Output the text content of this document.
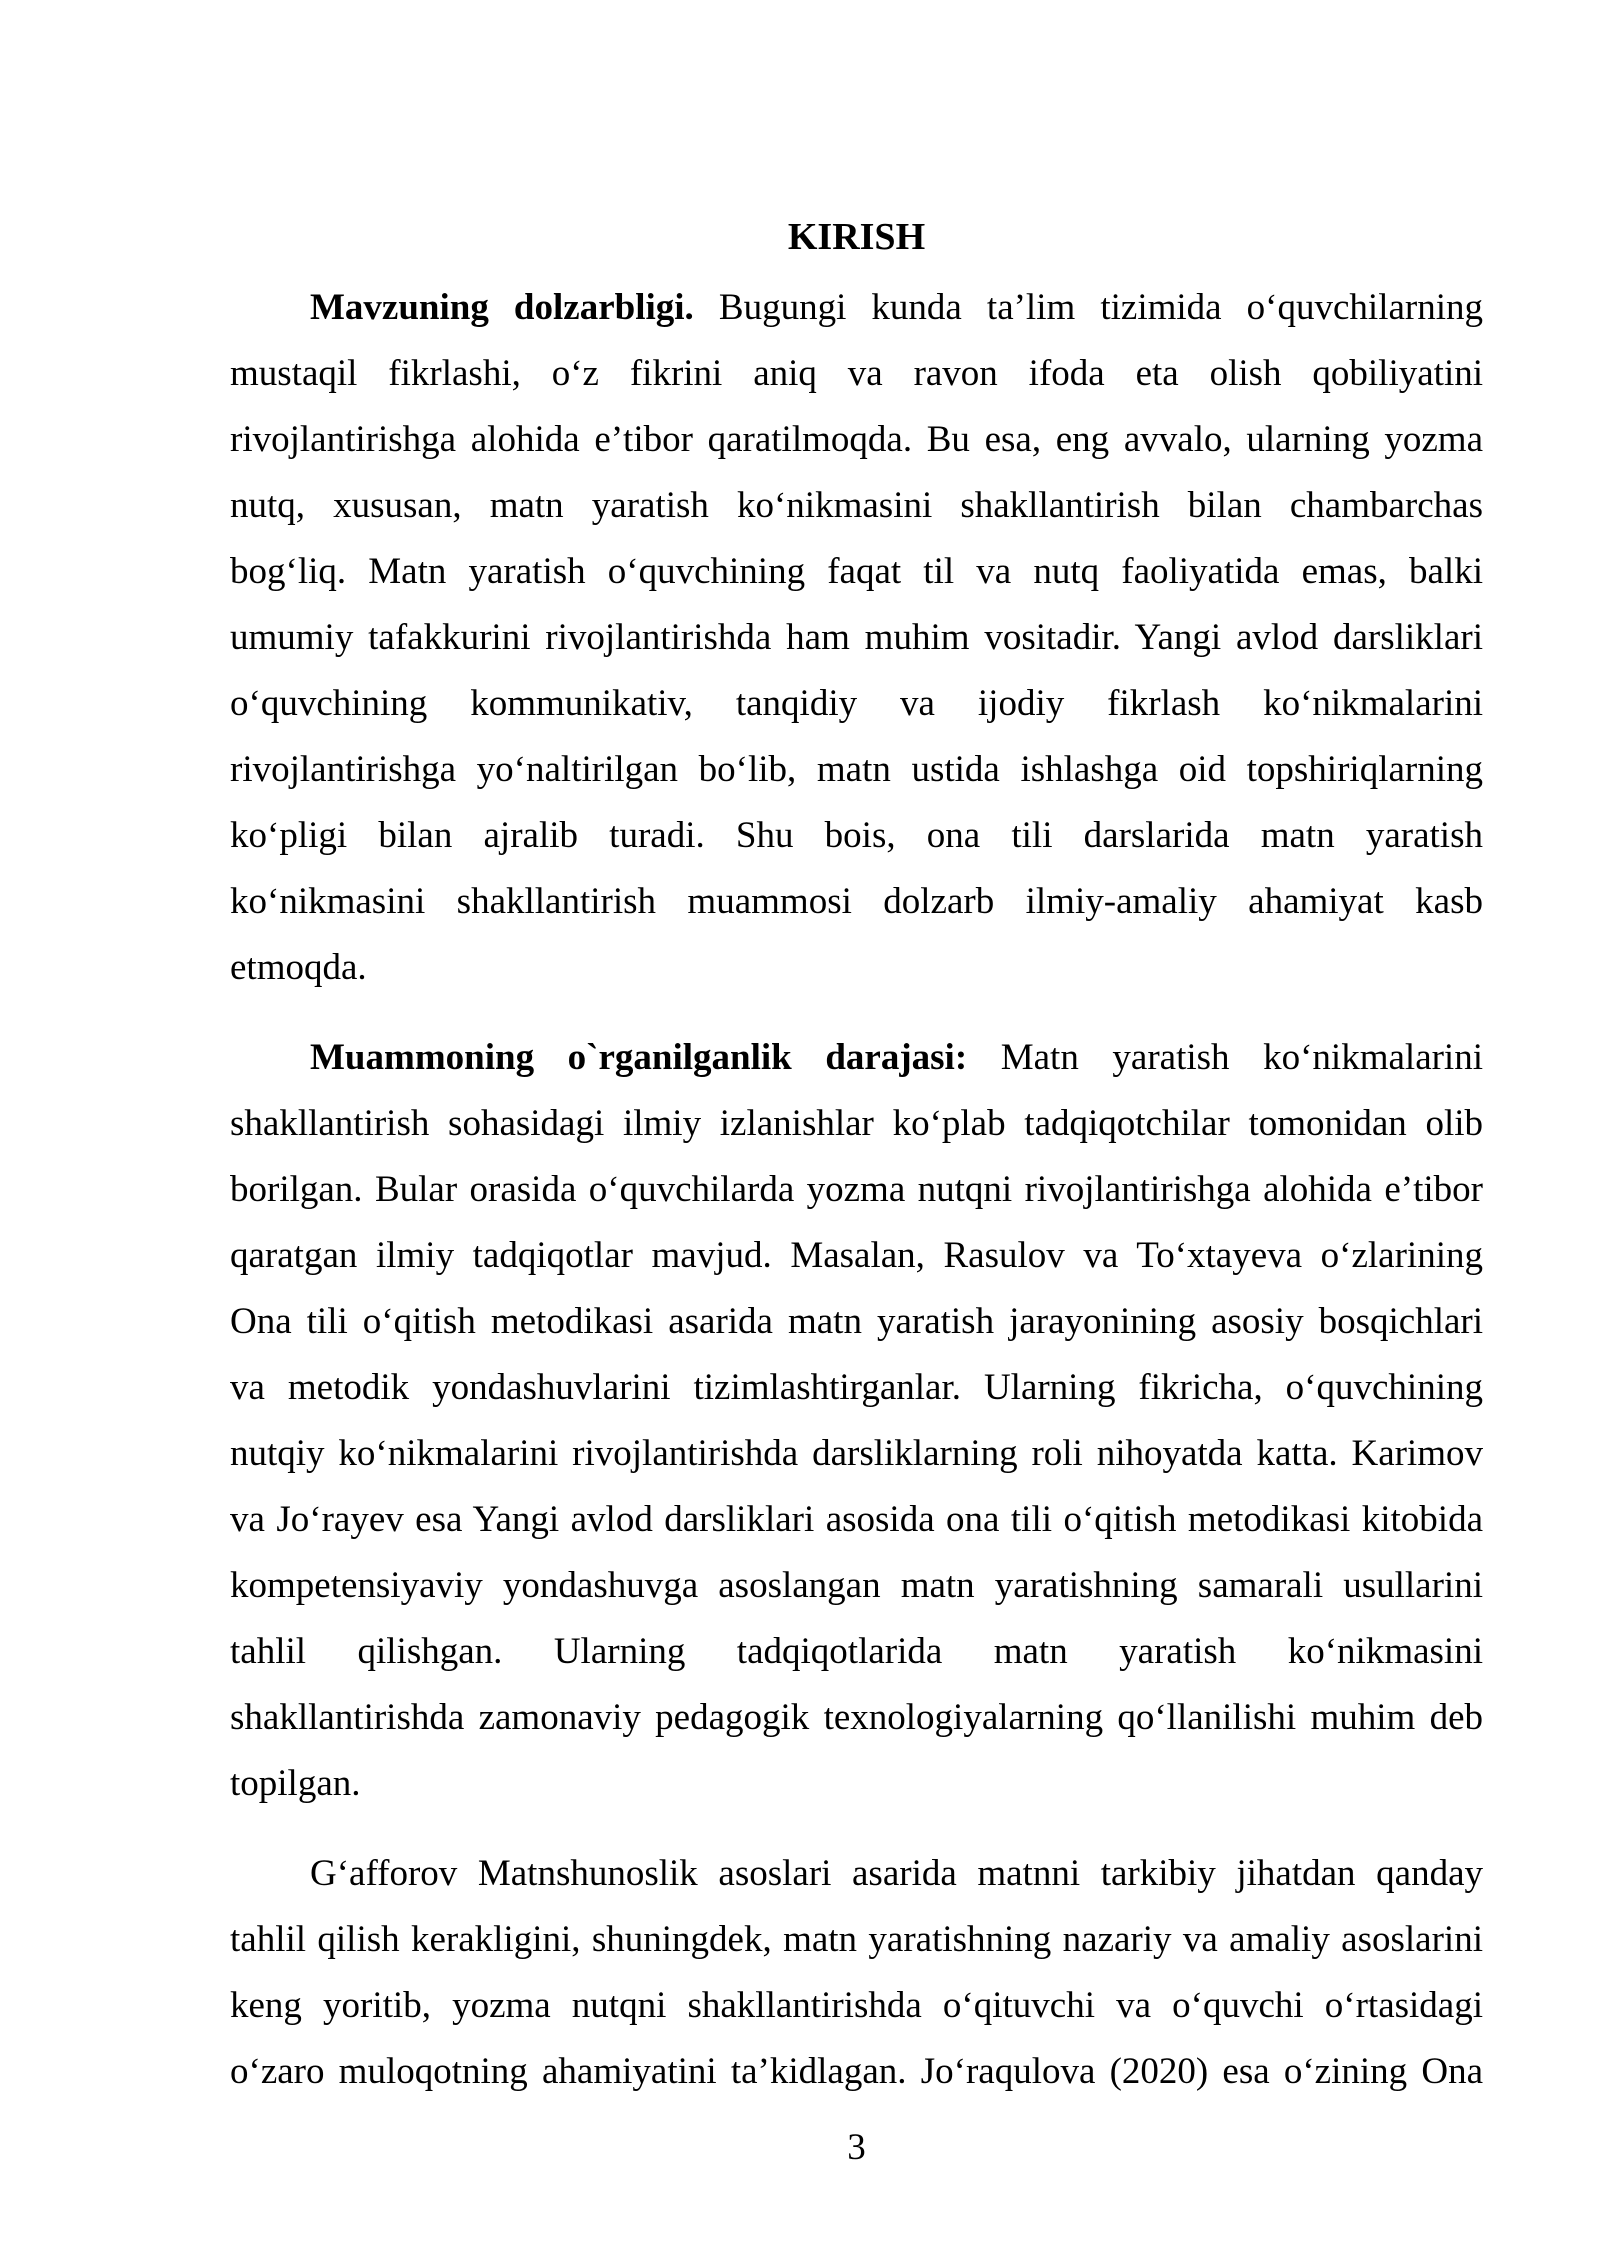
KIRISH
Mavzuning dolzarbligi. Bugungi kunda taʼlim tizimida oʻquvchilarning
mustaqil fikrlashi, oʻz fikrini aniq va ravon ifoda eta olish qobiliyatini
rivojlantirishga alohida eʼtibor qaratilmoqda. Bu esa, eng avvalo, ularning yozma
nutq, xususan, matn yaratish koʻnikmasini shakllantirish bilan chambarchas
bogʻliq. Matn yaratish oʻquvchining faqat til va nutq faoliyatida emas, balki
umumiy tafakkurini rivojlantirishda ham muhim vositadir. Yangi avlod darsliklari
oʻquvchining kommunikativ, tanqidiy va ijodiy fikrlash koʻnikmalarini
rivojlantirishga yoʻnaltirilgan boʻlib, matn ustida ishlashga oid topshiriqlarning
koʻpligi bilan ajralib turadi. Shu bois, ona tili darslarida matn yaratish
koʻnikmasini shakllantirish muammosi dolzarb ilmiy-amaliy ahamiyat kasb
etmoqda.
Muammoning o`rganilganlik darajasi: Matn yaratish koʻnikmalarini
shakllantirish sohasidagi ilmiy izlanishlar koʻplab tadqiqotchilar tomonidan olib
borilgan. Bular orasida oʻquvchilarda yozma nutqni rivojlantirishga alohida eʼtibor
qaratgan ilmiy tadqiqotlar mavjud. Masalan, Rasulov va Toʻxtayeva oʻzlarining
Ona tili oʻqitish metodikasi asarida matn yaratish jarayonining asosiy bosqichlari
va metodik yondashuvlarini tizimlashtirganlar. Ularning fikricha, oʻquvchining
nutqiy koʻnikmalarini rivojlantirishda darsliklarning roli nihoyatda katta. Karimov
va Joʻrayev esa Yangi avlod darsliklari asosida ona tili oʻqitish metodikasi kitobida
kompetensiyaviy yondashuvga asoslangan matn yaratishning samarali usullarini
tahlil qilishgan. Ularning tadqiqotlarida matn yaratish koʻnikmasini
shakllantirishda zamonaviy pedagogik texnologiyalarning qoʻllanilishi muhim deb
topilgan.
Gʻafforov Matnshunoslik asoslari asarida matnni tarkibiy jihatdan qanday
tahlil qilish kerakligini, shuningdek, matn yaratishning nazariy va amaliy asoslarini
keng yoritib, yozma nutqni shakllantirishda oʻqituvchi va oʻquvchi oʻrtasidagi
oʻzaro muloqotning ahamiyatini taʼkidlagan. Joʻraqulova (2020) esa oʻzining Ona
3
